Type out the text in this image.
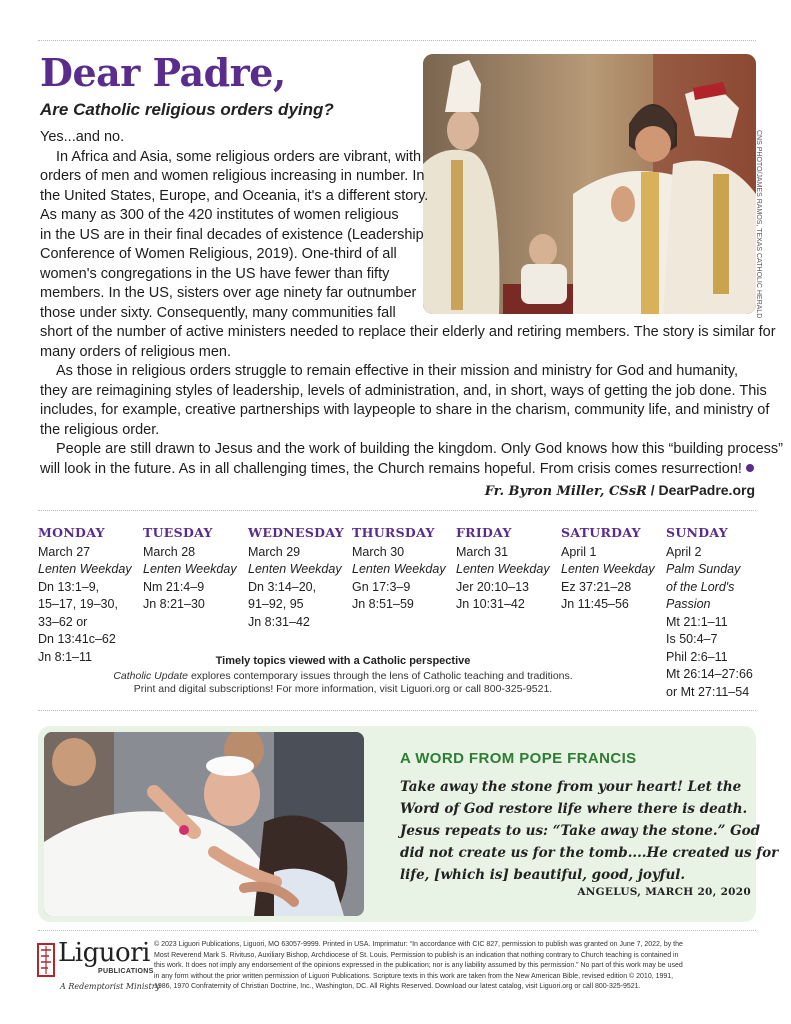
Dear Padre,
Are Catholic religious orders dying?
CNS PHOTO/JAMES RAMOS, TEXAS CATHOLIC HERALD

Yes...and no.

In Africa and Asia, some religious orders are vibrant, with

orders of men and women religious increasing in number. In

the United States, Europe, and Oceania, it's a different story.

As many as 300 of the 420 institutes of women religious

in the US are in their final decades of existence (Leadership

Conference of Women Religious, 2019). One-third of all

women's congregations in the US have fewer than fifty

members. In the US, sisters over age ninety far outnumber

those under sixty. Consequently, many communities fall

short of the number of active ministers needed to replace their elderly and retiring members. The story is similar for

many orders of religious men.

As those in religious orders struggle to remain effective in their mission and ministry for God and humanity,

they are reimagining styles of leadership, levels of administration, and, in short, ways of getting the job done. This

includes, for example, creative partnerships with laypeople to share in the charism, community life, and ministry of

the religious order.

People are still drawn to Jesus and the work of building the kingdom. Only God knows how this “building process”

will look in the future. As in all challenging times, the Church remains hopeful. From crisis comes resurrection!

Fr. Byron Miller, CSsR / DearPadre.org
MONDAY
March 27
Lenten Weekday
Dn 13:1–9,
15–17, 19–30,
33–62 or
Dn 13:41c–62
Jn 8:1–11
TUESDAY
March 28
Lenten Weekday
Nm 21:4–9
Jn 8:21–30
WEDNESDAY
March 29
Lenten Weekday
Dn 3:14–20,
91–92, 95
Jn 8:31–42
THURSDAY
March 30
Lenten Weekday
Gn 17:3–9
Jn 8:51–59
FRIDAY
March 31
Lenten Weekday
Jer 20:10–13
Jn 10:31–42
SATURDAY
April 1
Lenten Weekday
Ez 37:21–28
Jn 11:45–56
SUNDAY
April 2
Palm Sunday
of the Lord's
Passion
Mt 21:1–11
Is 50:4–7
Phil 2:6–11
Mt 26:14–27:66
or Mt 27:11–54
Timely topics viewed with a Catholic perspective
Catholic Update explores contemporary issues through the lens of Catholic teaching and traditions.
Print and digital subscriptions! For more information, visit Liguori.org or call 800-325-9521.
A WORD FROM POPE FRANCIS

Take away the stone from your heart! Let the

Word of God restore life where there is death.

Jesus repeats to us: “Take away the stone.” God

did not create us for the tomb....He created us for

life, [which is] beautiful, good, joyful.

ANGELUS, MARCH 20, 2020
Liguori
PUBLICATIONS
A Redemptorist Ministry
© 2023 Liguori Publications, Liguori, MO 63057-9999. Printed in USA. Imprimatur: “In accordance with CIC 827, permission to publish was granted on June 7, 2022, by the
Most Reverend Mark S. Rivituso, Auxiliary Bishop, Archdiocese of St. Louis. Permission to publish is an indication that nothing contrary to Church teaching is contained in
this work. It does not imply any endorsement of the opinions expressed in the publication; nor is any liability assumed by this permission.” No part of this work may be used
in any form without the prior written permission of Liguori Publications. Scripture texts in this work are taken from the New American Bible, revised edition © 2010, 1991,
1986, 1970 Confraternity of Christian Doctrine, Inc., Washington, DC. All Rights Reserved. Download our latest catalog, visit Liguori.org or call 800-325-9521.
